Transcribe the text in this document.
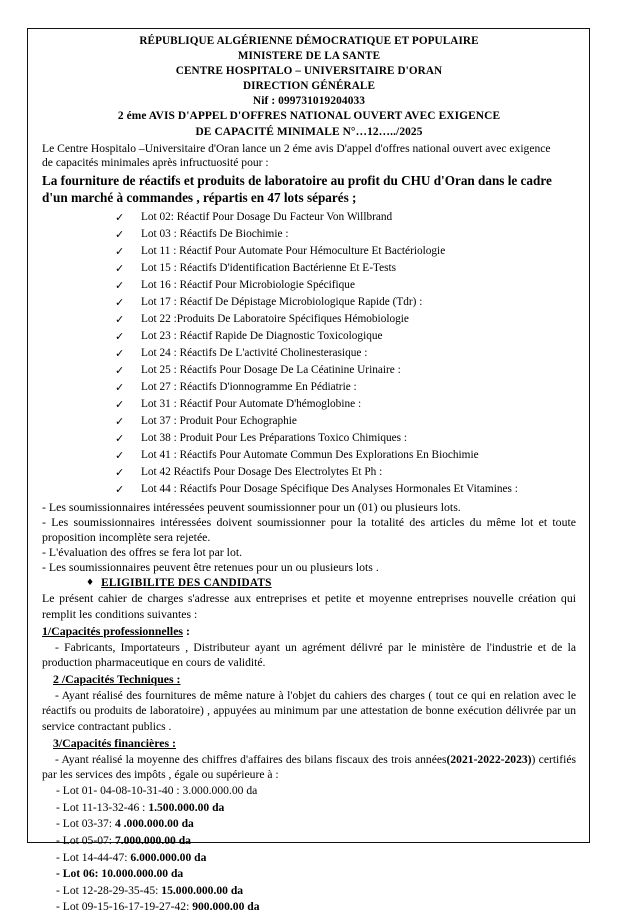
RÉPUBLIQUE ALGÉRIENNE DÉMOCRATIQUE ET POPULAIRE
MINISTERE DE LA SANTE
CENTRE HOSPITALO – UNIVERSITAIRE D'ORAN
DIRECTION GÉNÉRALE
Nif : 099731019204033
2 éme AVIS D'APPEL D'OFFRES NATIONAL OUVERT AVEC EXIGENCE
DE CAPACITÉ MINIMALE N°…12…../2025
Le Centre Hospitalo –Universitaire d'Oran lance un 2 éme avis D'appel d'offres national ouvert avec exigence
de capacités minimales après infructuosité pour :
La fourniture de réactifs et produits de laboratoire au profit du CHU d'Oran dans le cadre
d'un marché à commandes , répartis en 47 lots séparés ;
✓ Lot 02: Réactif Pour Dosage Du Facteur Von Willbrand
✓ Lot 03 : Réactifs De Biochimie :
✓ Lot 11 : Réactif Pour Automate Pour Hémoculture Et Bactériologie
✓ Lot 15 : Réactifs D'identification Bactérienne Et E-Tests
✓ Lot 16 : Réactif Pour Microbiologie Spécifique
✓ Lot 17 : Réactif De Dépistage Microbiologique Rapide (Tdr) :
✓ Lot 22 :Produits De Laboratoire Spécifiques Hémobiologie
✓ Lot 23 : Réactif Rapide De Diagnostic Toxicologique
✓ Lot 24 : Réactifs De L'activité Cholinesterasique :
✓ Lot 25 : Réactifs Pour Dosage De La Céatinine Urinaire :
✓ Lot 27 : Réactifs D'ionnogramme En Pédiatrie :
✓ Lot 31 : Réactif Pour Automate D'hémoglobine :
✓ Lot 37 : Produit Pour Echographie
✓ Lot 38 : Produit Pour Les Préparations Toxico Chimiques :
✓ Lot 41 : Réactifs Pour Automate Commun Des Explorations En Biochimie
✓ Lot 42 Réactifs Pour Dosage Des Electrolytes Et Ph :
✓ Lot 44 : Réactifs Pour Dosage Spécifique Des Analyses Hormonales Et Vitamines :

- Les soumissionnaires intéressées peuvent soumissionner pour un (01) ou plusieurs lots.

- Les soumissionnaires intéressées doivent soumissionner pour la totalité des articles du même lot et toute proposition incomplète sera rejetée.

- L'évaluation des offres se fera lot par lot.

- Les soumissionnaires peuvent être retenues pour un ou plusieurs lots .

♦ ELIGIBILITE DES CANDIDATS

Le présent cahier de charges s'adresse aux entreprises et petite et moyenne entreprises nouvelle création qui remplit les conditions suivantes :

1/Capacités professionnelles :
- Fabricants, Importateurs , Distributeur ayant un agrément délivré par le ministère de l'industrie et de la production pharmaceutique en cours de validité.
2 /Capacités Techniques :
- Ayant réalisé des fournitures de même nature à l'objet du cahiers des charges ( tout ce qui en relation avec le réactifs ou produits de laboratoire) , appuyées au minimum par une attestation de bonne exécution délivrée par un service contractant publics .
3/Capacités financières :
- Ayant réalisé la moyenne des chiffres d'affaires des bilans fiscaux des trois années(2021-2022-2023)) certifiés par les services des impôts , égale ou supérieure à :
- Lot 01- 04-08-10-31-40 : 3.000.000.00 da
- Lot 11-13-32-46 : 1.500.000.00 da
- Lot 03-37: 4 .000.000.00 da
- Lot 05-07: 7.000.000.00 da
- Lot 14-44-47: 6.000.000.00 da
- Lot 06: 10.000.000.00 da
- Lot 12-28-29-35-45: 15.000.000.00 da
- Lot 09-15-16-17-19-27-42: 900.000.00 da
